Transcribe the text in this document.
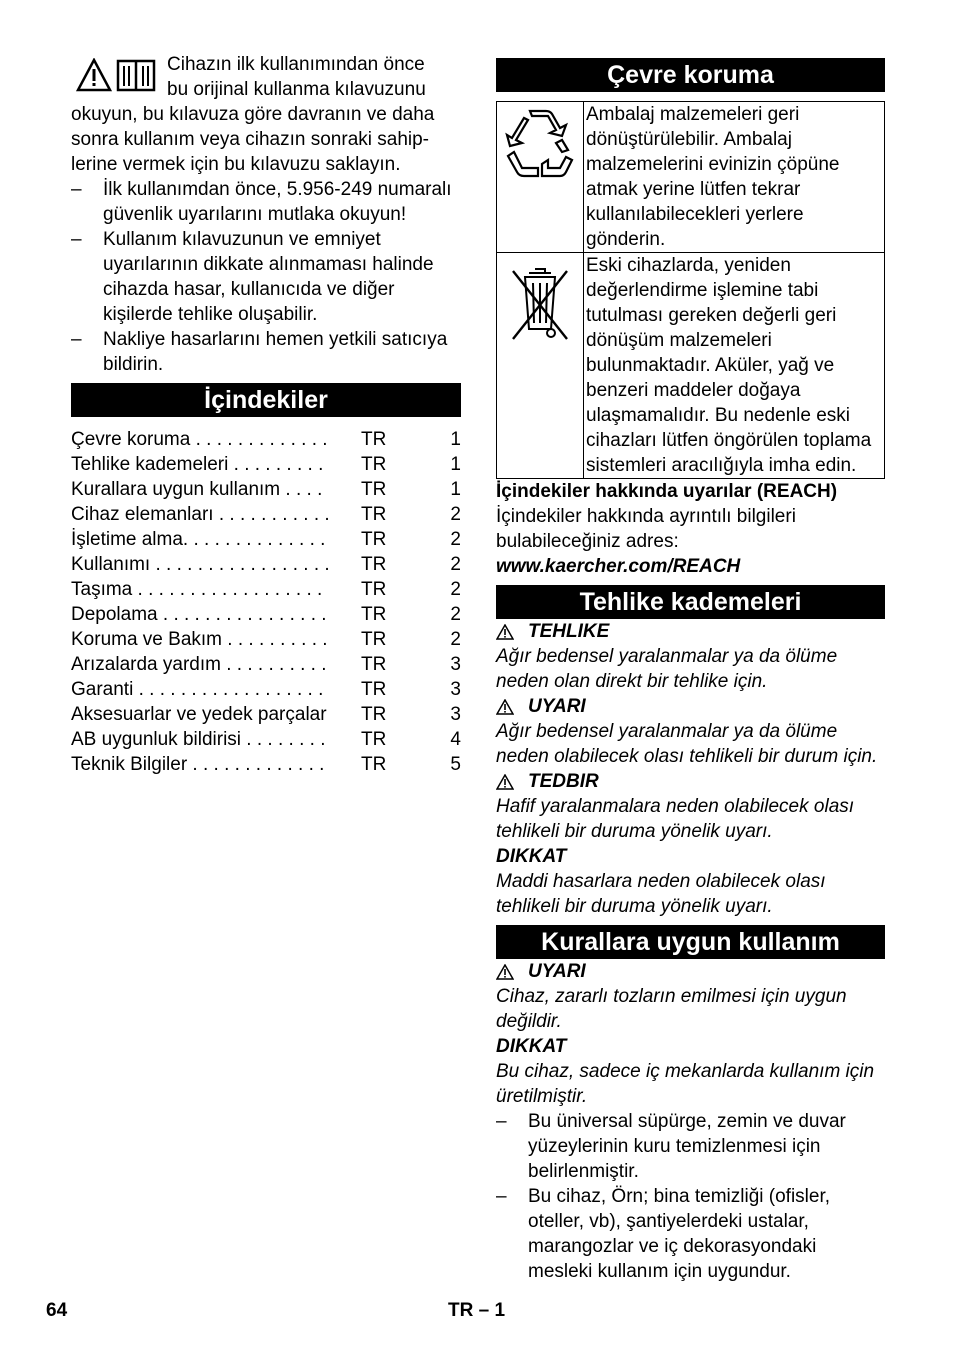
Cihazın ilk kullanımından önce

bu orijinal kullanma kılavuzunu

okuyun, bu kılavuza göre davranın ve daha

sonra kullanım veya cihazın sonraki sahip-

lerine vermek için bu kılavuzu saklayın.

–	İlk kullanımdan önce, 5.956-249 numaralı güvenlik uyarılarını mutlaka okuyun!
–	Kullanım kılavuzunun ve emniyet uyarılarının dikkate alınmaması halinde cihazda hasar, kullanıcıda ve diğer kişilerde tehlike oluşabilir.
–	Nakliye hasarlarını hemen yetkili satıcıya bildirin.
İçindekiler
Çevre koruma . . . . . . . . . . . . .	TR	1
Tehlike kademeleri . . . . . . . . .	TR	1
Kurallara uygun kullanım . . . .	TR	1
Cihaz elemanları . . . . . . . . . . .	TR	2
İşletime alma. . . . . . . . . . . . . .	TR	2
Kullanımı . . . . . . . . . . . . . . . . .	TR	2
Taşıma . . . . . . . . . . . . . . . . . .	TR	2
Depolama . . . . . . . . . . . . . . . .	TR	2
Koruma ve Bakım . . . . . . . . . .	TR	2
Arızalarda yardım . . . . . . . . . .	TR	3
Garanti . . . . . . . . . . . . . . . . . .	TR	3
Aksesuarlar ve yedek parçalar	TR	3
AB uygunluk bildirisi . . . . . . . .	TR	4
Teknik Bilgiler . . . . . . . . . . . . .	TR	5
Çevre koruma
	Ambalaj malzemeleri geri dönüştürülebilir. Ambalaj malzemelerini evinizin çöpüne atmak yerine lütfen tekrar kullanılabilecekleri yerlere gönderin.
	Eski cihazlarda, yeniden değerlendirme işlemine tabi tutulması gereken değerli geri dönüşüm malzemeleri bulunmaktadır. Aküler, yağ ve benzeri maddeler doğaya ulaşmamalıdır. Bu nedenle eski cihazları lütfen öngörülen toplama sistemleri aracılığıyla imha edin.

İçindekiler hakkında uyarılar (REACH)

İçindekiler hakkında ayrıntılı bilgileri bulabileceğiniz adres:

www.kaercher.com/REACH

Tehlike kademeleri
TEHLIKE

Ağır bedensel yaralanmalar ya da ölüme neden olan direkt bir tehlike için.

UYARI

Ağır bedensel yaralanmalar ya da ölüme neden olabilecek olası tehlikeli bir durum için.

TEDBIR

Hafif yaralanmalara neden olabilecek olası tehlikeli bir duruma yönelik uyarı.

DIKKAT

Maddi hasarlara neden olabilecek olası tehlikeli bir duruma yönelik uyarı.

Kurallara uygun kullanım
UYARI

Cihaz, zararlı tozların emilmesi için uygun değildir.

DIKKAT

Bu cihaz, sadece iç mekanlarda kullanım için üretilmiştir.

–	Bu üniversal süpürge, zemin ve duvar yüzeylerinin kuru temizlenmesi için belirlenmiştir.
–	Bu cihaz, Örn; bina temizliği (ofisler, oteller, vb), şantiyelerdeki ustalar, marangozlar ve iç dekorasyondaki mesleki kullanım için uygundur.
64	TR – 1
